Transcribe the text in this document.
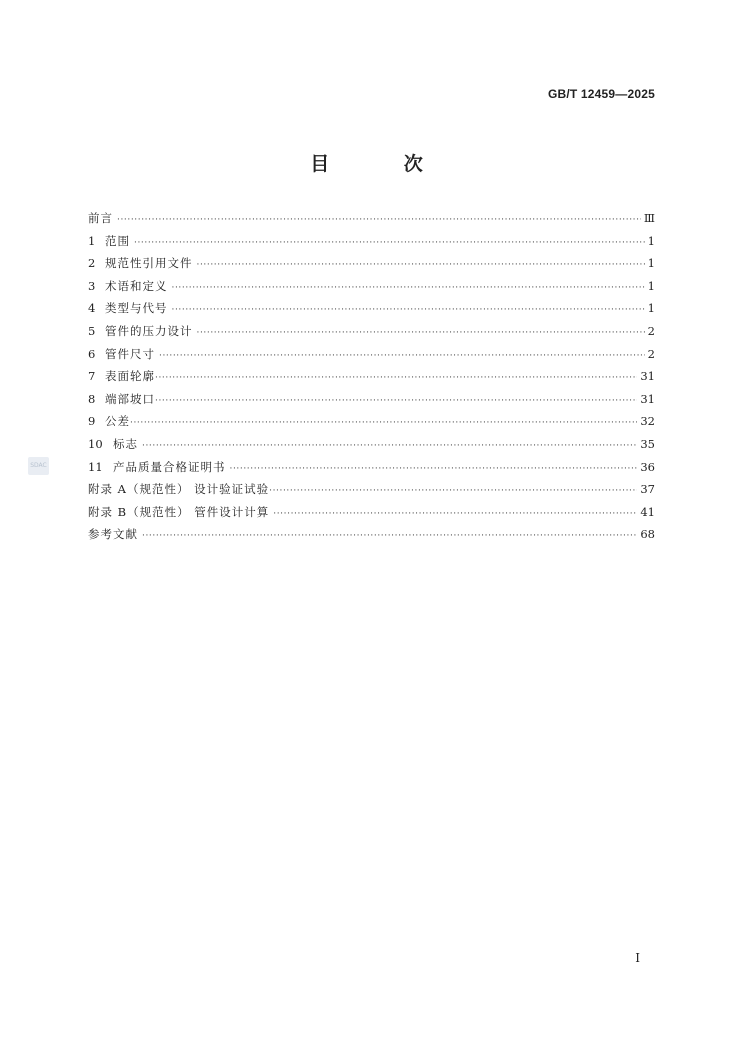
GB/T 12459—2025
目 次
前言 ·····	Ⅲ
1 范围 ·····	1
2 规范性引用文件 ·····	1
3 术语和定义 ·····	1
4 类型与代号 ·····	1
5 管件的压力设计 ·····	2
6 管件尺寸 ·····	2
7 表面轮廓 ·····	31
8 端部坡口 ·····	31
9 公差 ·····	32
10 标志 ·····	35
11 产品质量合格证明书 ·····	36
附录 A（规范性） 设计验证试验 ·····	37
附录 B（规范性） 管件设计计算 ·····	41
参考文献 ·····	68
SDAC
I
